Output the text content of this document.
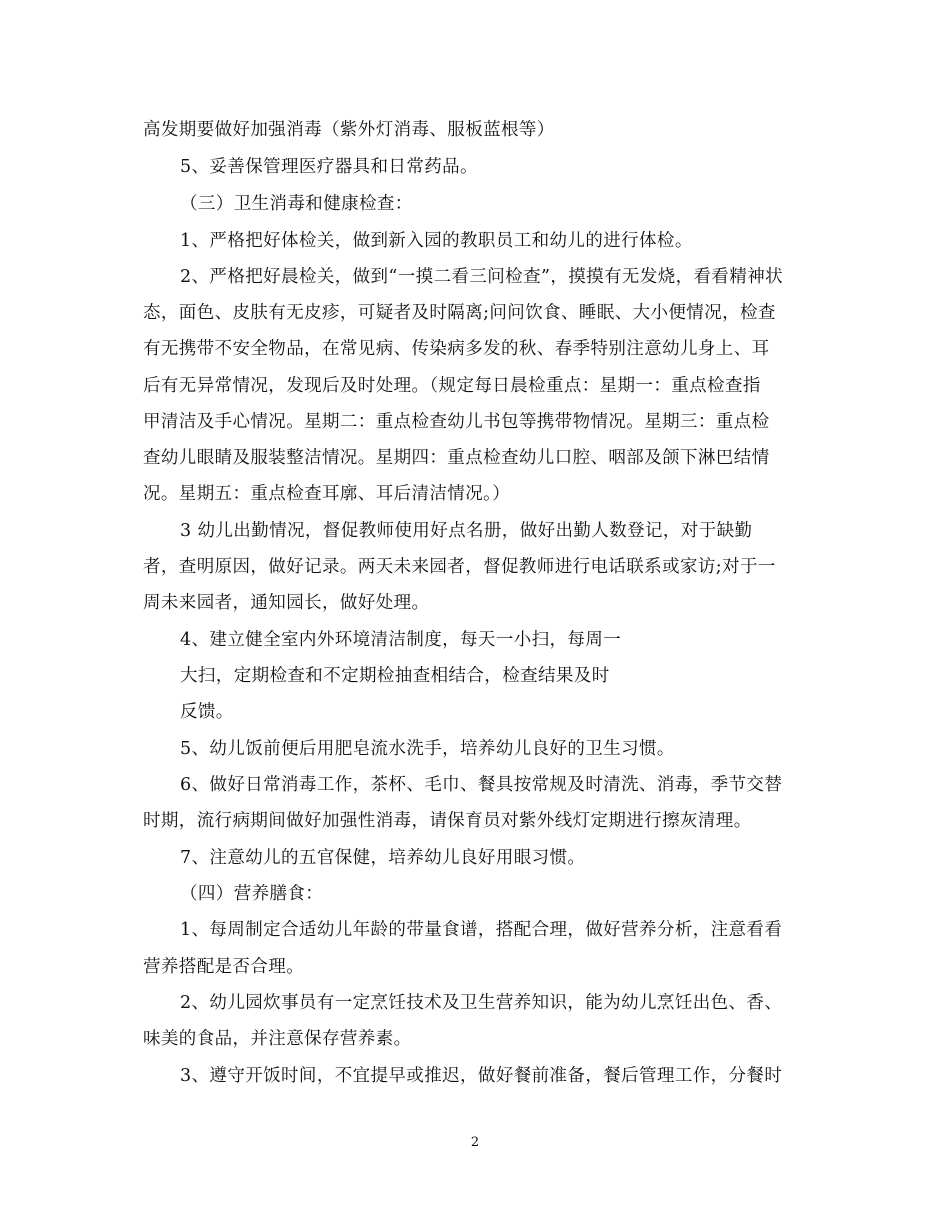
高发期要做好加强消毒（紫外灯消毒、服板蓝根等）
5、妥善保管理医疗器具和日常药品。
（三）卫生消毒和健康检查：
1、严格把好体检关，做到新入园的教职员工和幼儿的进行体检。
2、严格把好晨检关，做到“一摸二看三问检查”，摸摸有无发烧，看看精神状
态，面色、皮肤有无皮疹，可疑者及时隔离;问问饮食、睡眠、大小便情况，检查
有无携带不安全物品，在常见病、传染病多发的秋、春季特别注意幼儿身上、耳
后有无异常情况，发现后及时处理。（规定每日晨检重点：星期一：重点检查指
甲清洁及手心情况。星期二：重点检查幼儿书包等携带物情况。星期三：重点检
查幼儿眼睛及服装整洁情况。星期四：重点检查幼儿口腔、咽部及颌下淋巴结情
况。星期五：重点检查耳廓、耳后清洁情况。）
3 幼儿出勤情况，督促教师使用好点名册，做好出勤人数登记，对于缺勤
者，查明原因，做好记录。两天未来园者，督促教师进行电话联系或家访;对于一
周未来园者，通知园长，做好处理。
4、建立健全室内外环境清洁制度，每天一小扫，每周一
大扫，定期检查和不定期检抽查相结合，检查结果及时
反馈。
5、幼儿饭前便后用肥皂流水洗手，培养幼儿良好的卫生习惯。
6、做好日常消毒工作，茶杯、毛巾、餐具按常规及时清洗、消毒，季节交替
时期，流行病期间做好加强性消毒，请保育员对紫外线灯定期进行擦灰清理。
7、注意幼儿的五官保健，培养幼儿良好用眼习惯。
（四）营养膳食：
1、每周制定合适幼儿年龄的带量食谱，搭配合理，做好营养分析，注意看看
营养搭配是否合理。
2、幼儿园炊事员有一定烹饪技术及卫生营养知识，能为幼儿烹饪出色、香、
味美的食品，并注意保存营养素。
3、遵守开饭时间，不宜提早或推迟，做好餐前准备，餐后管理工作，分餐时
2
